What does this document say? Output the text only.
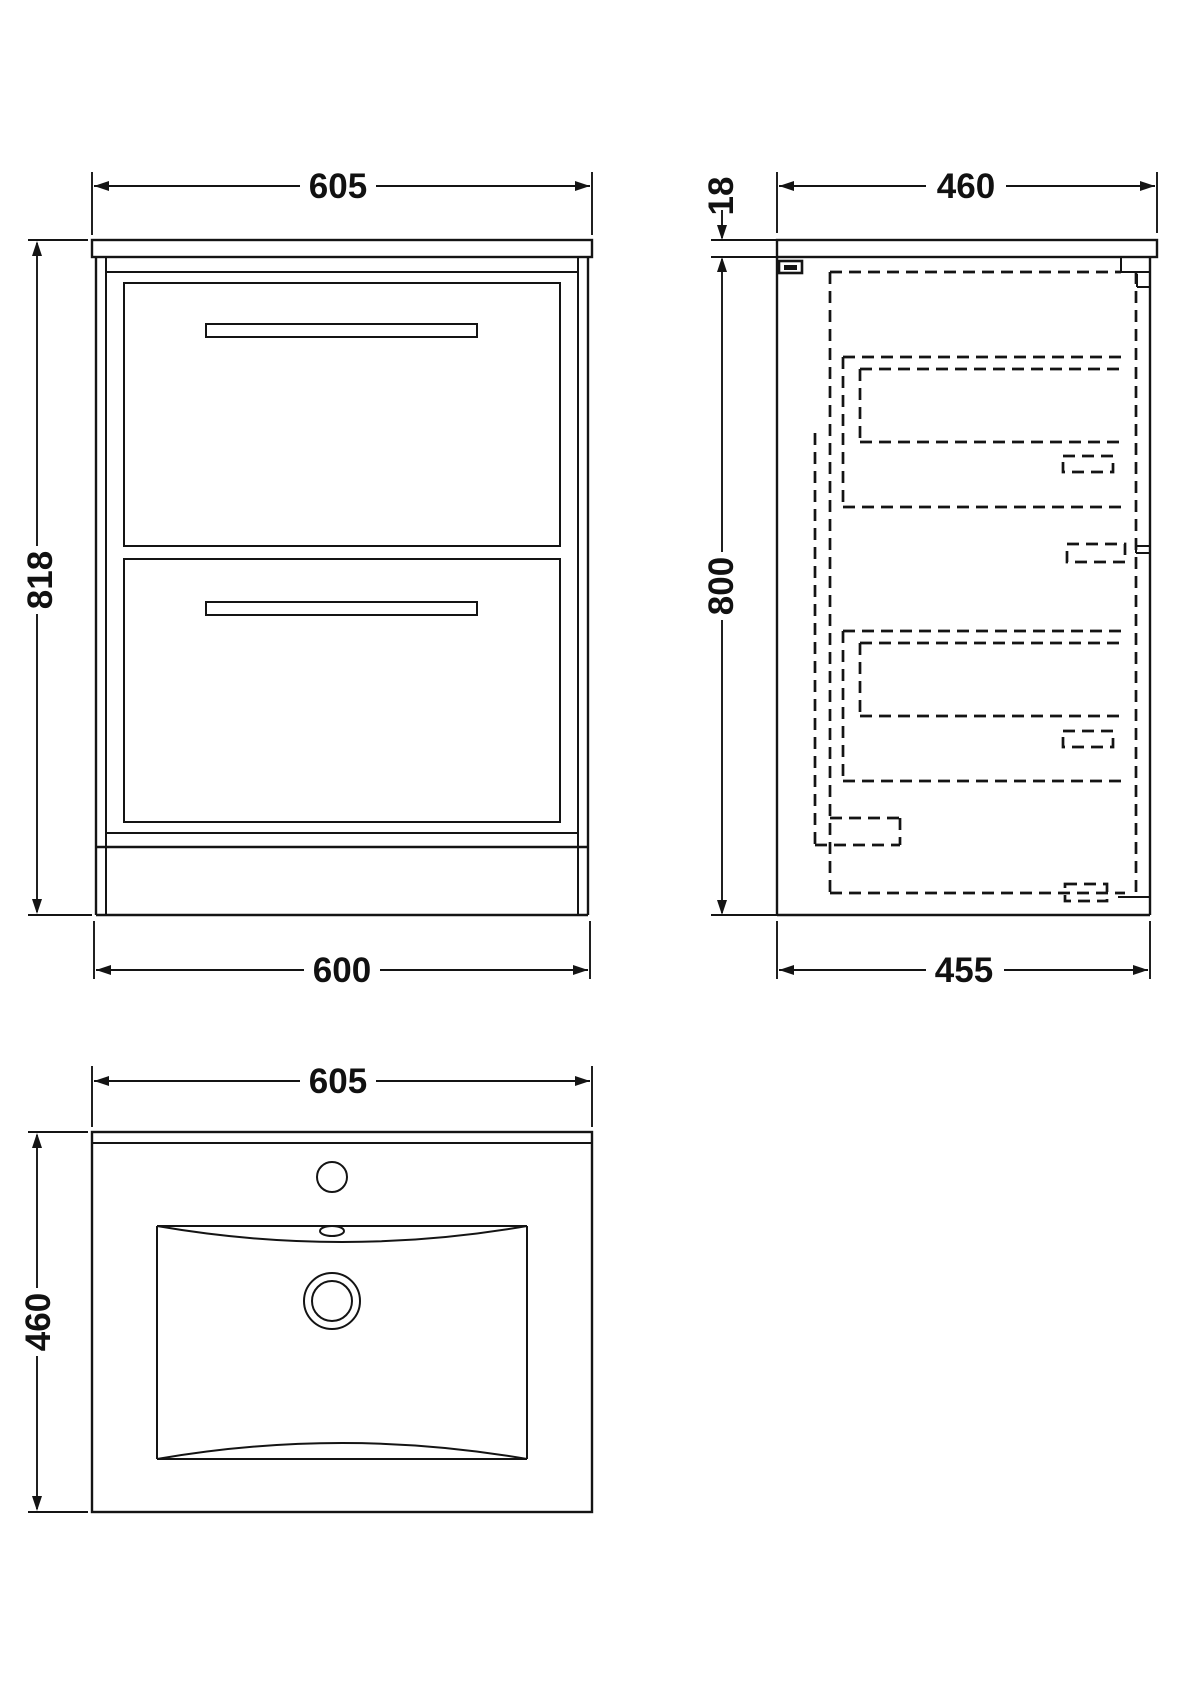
605
818
600
460
18
800
455
605
460
